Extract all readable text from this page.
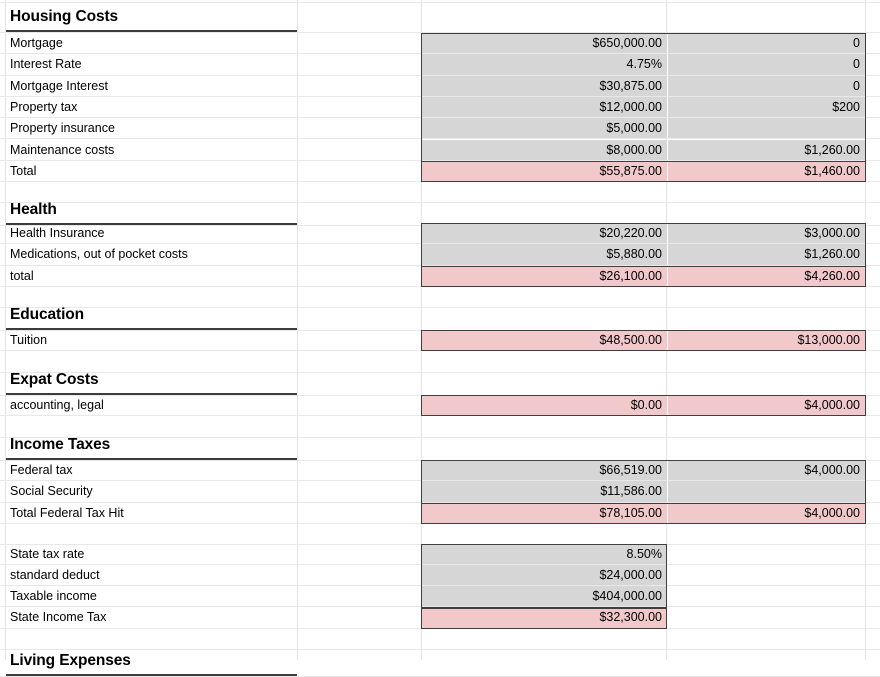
Housing Costs
Mortgage	$650,000.00	0
Interest Rate	4.75%	0
Mortgage Interest	$30,875.00	0
Property tax	$12,000.00	$200
Property insurance	$5,000.00
Maintenance costs	$8,000.00	$1,260.00
Total	$55,875.00	$1,460.00
Health
Health Insurance	$20,220.00	$3,000.00
Medications, out of pocket costs	$5,880.00	$1,260.00
total	$26,100.00	$4,260.00
Education
Tuition	$48,500.00	$13,000.00
Expat Costs
accounting, legal	$0.00	$4,000.00
Income Taxes
Federal tax	$66,519.00	$4,000.00
Social Security	$11,586.00
Total Federal Tax Hit	$78,105.00	$4,000.00
State tax rate	8.50%
standard deduct	$24,000.00
Taxable income	$404,000.00
State Income Tax	$32,300.00
Living Expenses
